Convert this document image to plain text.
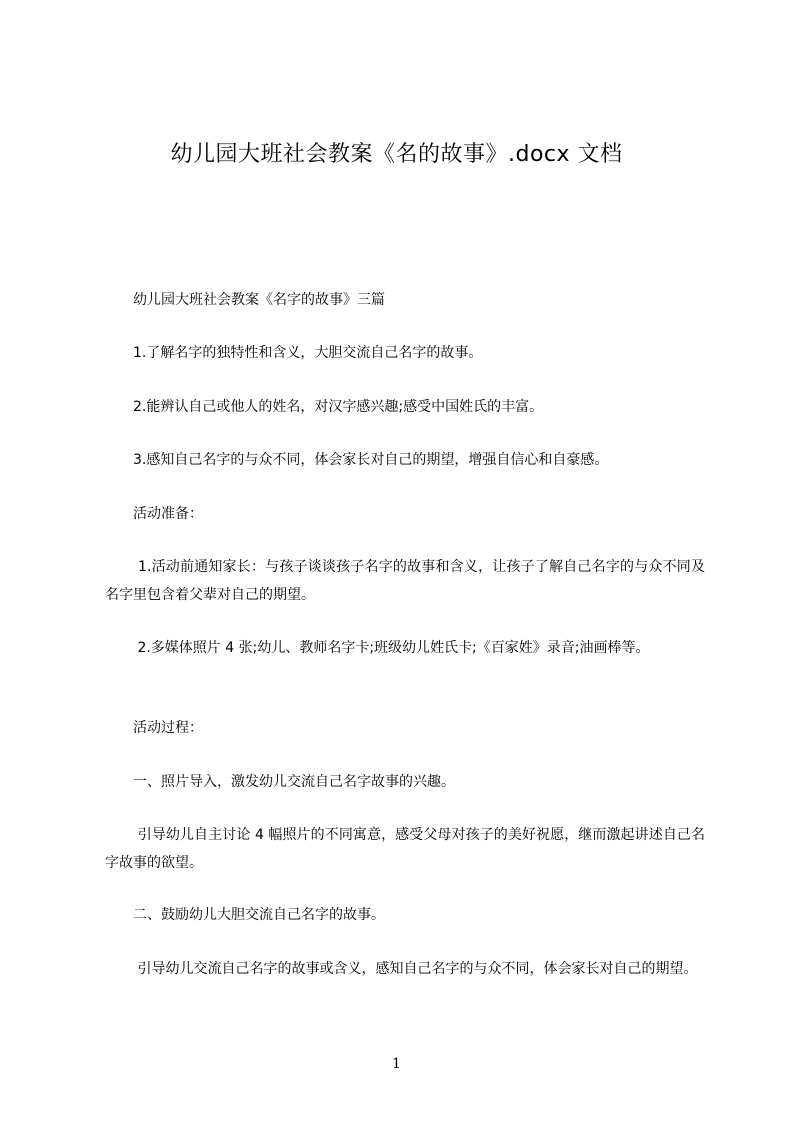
幼儿园大班社会教案《名的故事》.docx 文档
　　幼儿园大班社会教案《名字的故事》三篇
　　1.了解名字的独特性和含义，大胆交流自己名字的故事。
　　2.能辨认自己或他人的姓名，对汉字感兴趣;感受中国姓氏的丰富。
　　3.感知自己名字的与众不同，体会家长对自己的期望，增强自信心和自豪感。
　　活动准备：
　　 1.活动前通知家长：与孩子谈谈孩子名字的故事和含义，让孩子了解自己名字的与众不同及名字里包含着父辈对自己的期望。
　　 2.多媒体照片 4 张;幼儿、教师名字卡;班级幼儿姓氏卡;《百家姓》录音;油画棒等。
　　活动过程：
　　一、照片导入，激发幼儿交流自己名字故事的兴趣。
　　 引导幼儿自主讨论 4 幅照片的不同寓意，感受父母对孩子的美好祝愿，继而激起讲述自己名字故事的欲望。
　　二、鼓励幼儿大胆交流自己名字的故事。
　　 引导幼儿交流自己名字的故事或含义，感知自己名字的与众不同，体会家长对自己的期望。
1
